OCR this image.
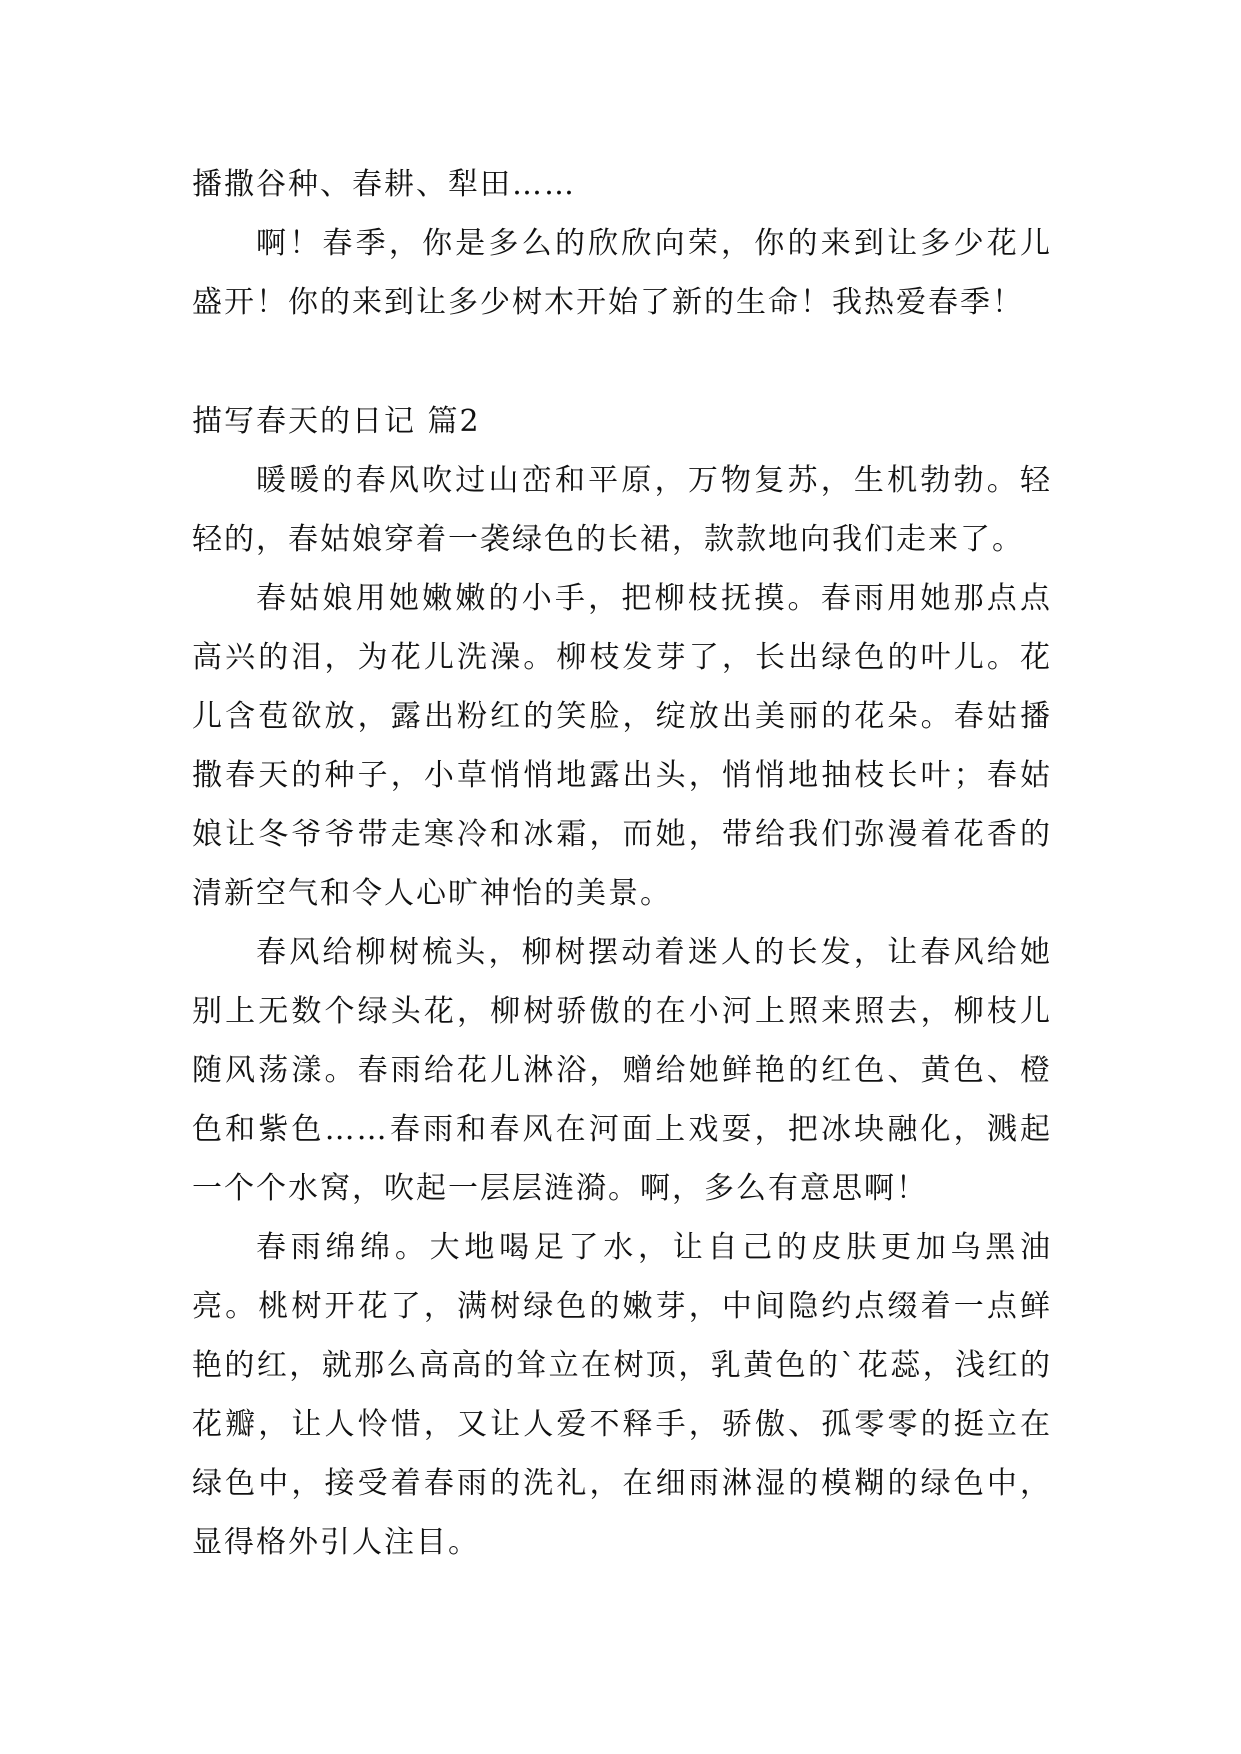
播撒谷种、春耕、犁田……

啊！春季，你是多么的欣欣向荣，你的来到让多少花儿盛开！你的来到让多少树木开始了新的生命！我热爱春季！

描写春天的日记 篇2

暖暖的春风吹过山峦和平原，万物复苏，生机勃勃。轻轻的，春姑娘穿着一袭绿色的长裙，款款地向我们走来了。

春姑娘用她嫩嫩的小手，把柳枝抚摸。春雨用她那点点高兴的泪，为花儿洗澡。柳枝发芽了，长出绿色的叶儿。花儿含苞欲放，露出粉红的笑脸，绽放出美丽的花朵。春姑播撒春天的种子，小草悄悄地露出头，悄悄地抽枝长叶；春姑娘让冬爷爷带走寒冷和冰霜，而她，带给我们弥漫着花香的清新空气和令人心旷神怡的美景。

春风给柳树梳头，柳树摆动着迷人的长发，让春风给她别上无数个绿头花，柳树骄傲的在小河上照来照去，柳枝儿随风荡漾。春雨给花儿淋浴，赠给她鲜艳的红色、黄色、橙色和紫色……春雨和春风在河面上戏耍，把冰块融化，溅起一个个水窝，吹起一层层涟漪。啊，多么有意思啊！

春雨绵绵。大地喝足了水，让自己的皮肤更加乌黑油亮。桃树开花了，满树绿色的嫩芽，中间隐约点缀着一点鲜艳的红，就那么高高的耸立在树顶，乳黄色的`花蕊，浅红的花瓣，让人怜惜，又让人爱不释手，骄傲、孤零零的挺立在绿色中，接受着春雨的洗礼，在细雨淋湿的模糊的绿色中，显得格外引人注目。
